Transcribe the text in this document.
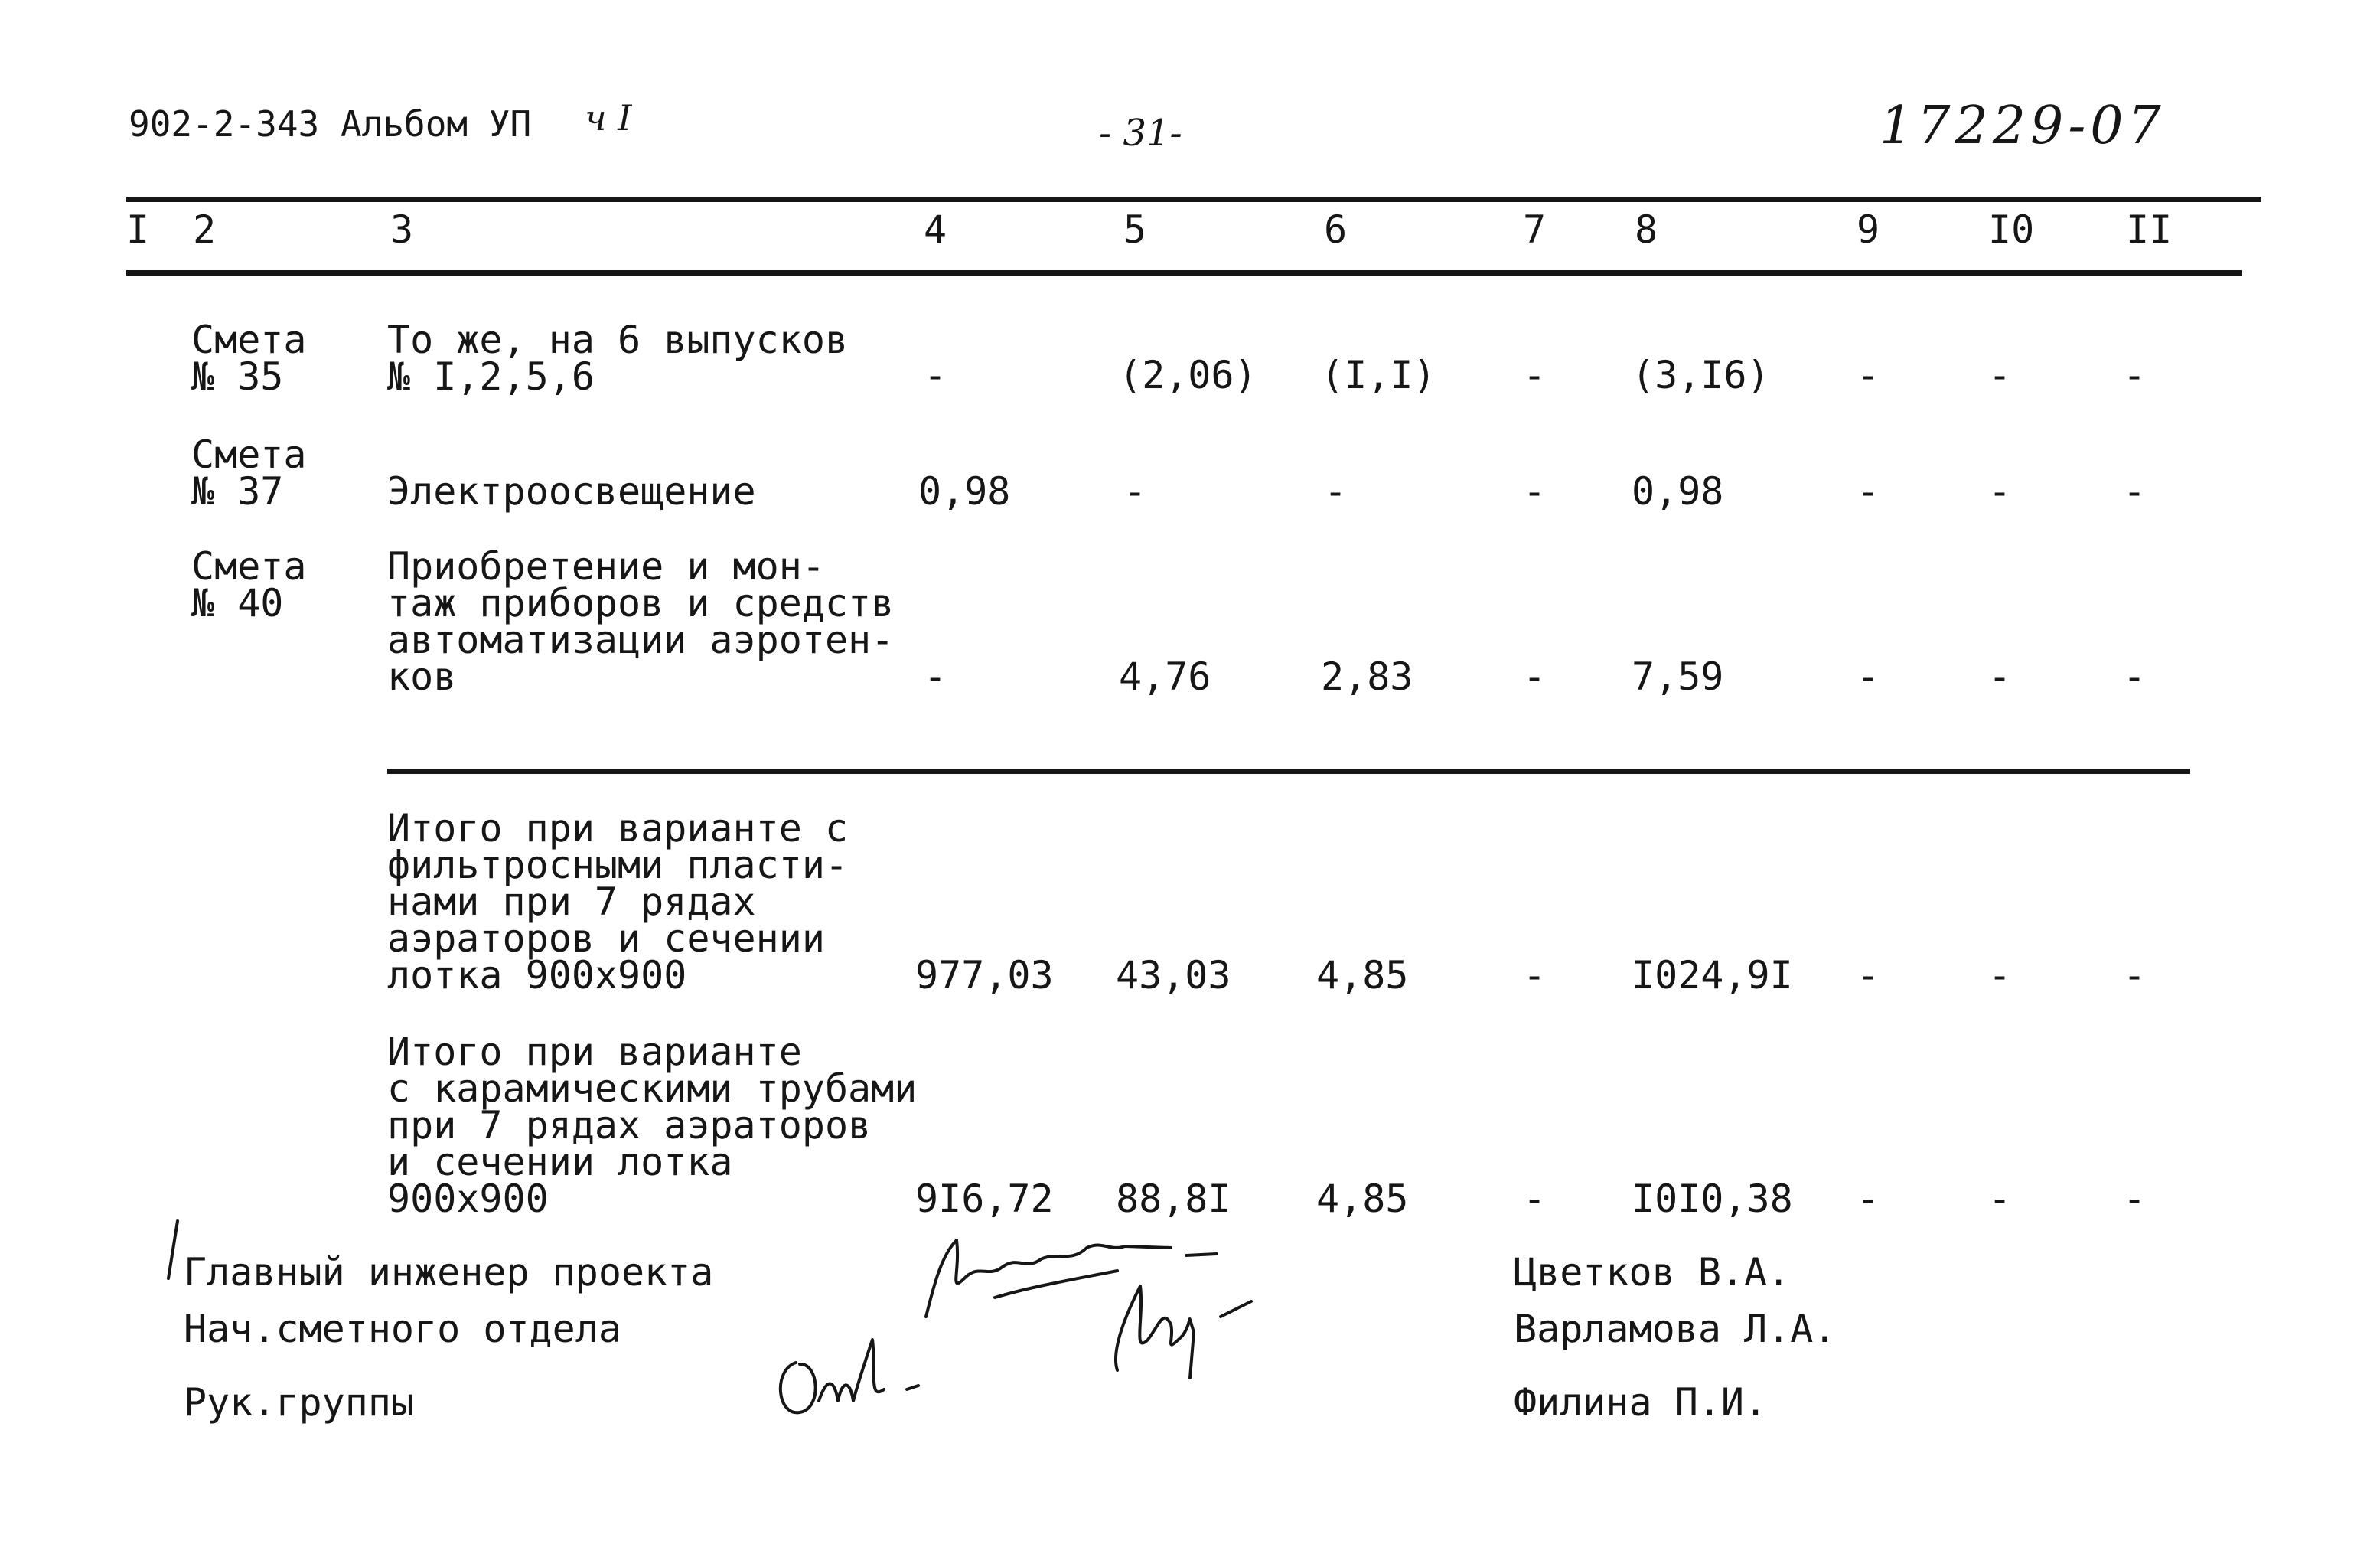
902-2-343 Альбом УП ч I	- 31-	17229-07
I 2	3	4	5	6	7 8	9	I0 II
Смета
№ 35
То же, на 6 выпусков
№ I,2,5,6	-	(2,06) (I,I) - (3,I6) -	-	-
Смета
№ 37	Электроосвещение	0,98	-	-	- 0,98	-	-	-
Смета
№ 40
Приобретение и мон-
таж приборов и средств
автоматизации аэротен-
ков	-	4,76	2,83	- 7,59	-	-	-
Итого при варианте с
фильтросными пласти-
нами при 7 рядах
аэраторов и сечении
лотка 900х900	977,03 43,03 4,85	- I024,9I -	-	-
Итого при варианте
с карамическими трубами
при 7 рядах аэраторов
и сечении лотка
900х900	9I6,72 88,8I 4,85	- I0I0,38 -	-	-
Главный инженер проекта
Нач.сметного отдела
Рук.группы
Цветков В.А.
Варламова Л.А.
Филина П.И.
